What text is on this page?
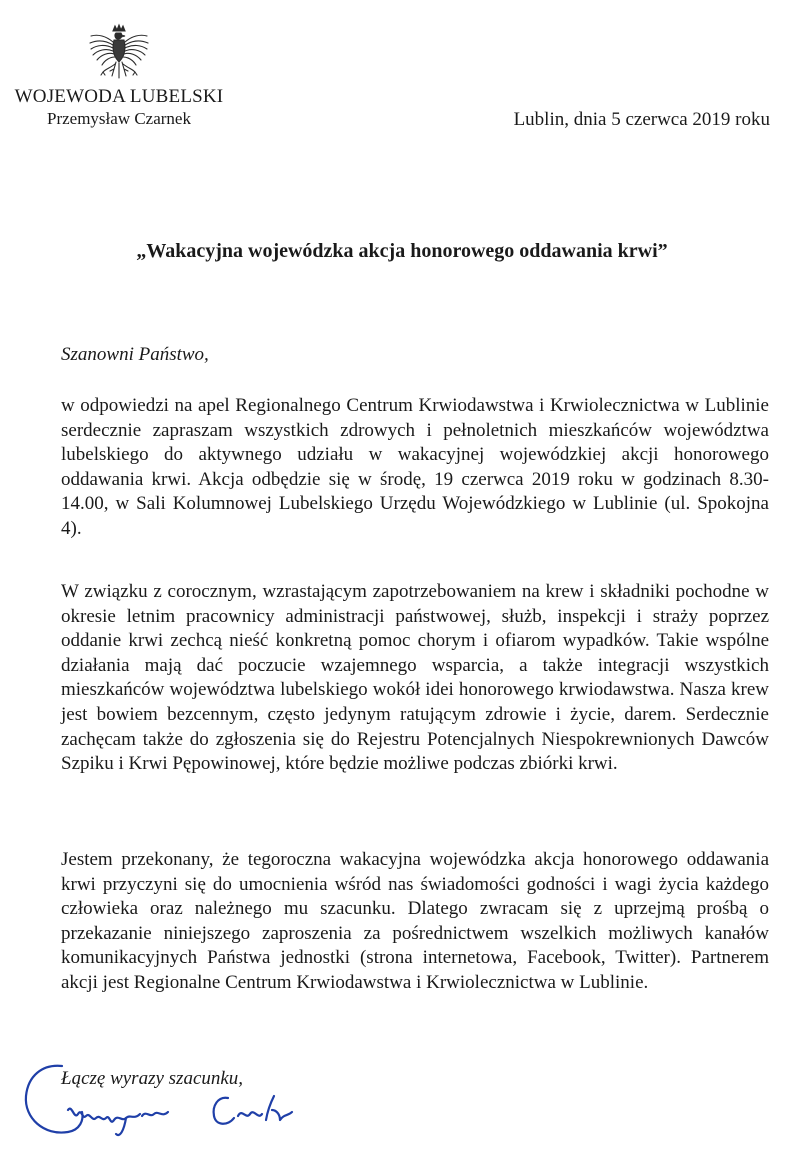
WOJEWODA LUBELSKI
Przemysław Czarnek	Lublin, dnia 5 czerwca 2019 roku
„Wakacyjna wojewódzka akcja honorowego oddawania krwi”
Szanowni Państwo,
w odpowiedzi na apel Regionalnego Centrum Krwiodawstwa i Krwiolecznictwa w Lublinie serdecznie zapraszam wszystkich zdrowych i pełnoletnich mieszkańców województwa lubelskiego do aktywnego udziału w wakacyjnej wojewódzkiej akcji honorowego oddawania krwi. Akcja odbędzie się w środę, 19 czerwca 2019 roku w godzinach 8.30-14.00, w Sali Kolumnowej Lubelskiego Urzędu Wojewódzkiego w Lublinie (ul. Spokojna 4).
W związku z corocznym, wzrastającym zapotrzebowaniem na krew i składniki pochodne w okresie letnim pracownicy administracji państwowej, służb, inspekcji i straży poprzez oddanie krwi zechcą nieść konkretną pomoc chorym i ofiarom wypadków. Takie wspólne działania mają dać poczucie wzajemnego wsparcia, a także integracji wszystkich mieszkańców województwa lubelskiego wokół idei honorowego krwiodawstwa. Nasza krew jest bowiem bezcennym, często jedynym ratującym zdrowie i życie, darem. Serdecznie zachęcam także do zgłoszenia się do Rejestru Potencjalnych Niespokrewnionych Dawców Szpiku i Krwi Pępowinowej, które będzie możliwe podczas zbiórki krwi.
Jestem przekonany, że tegoroczna wakacyjna wojewódzka akcja honorowego oddawania krwi przyczyni się do umocnienia wśród nas świadomości godności i wagi życia każdego człowieka oraz należnego mu szacunku. Dlatego zwracam się z uprzejmą prośbą o przekazanie niniejszego zaproszenia za pośrednictwem wszelkich możliwych kanałów komunikacyjnych Państwa jednostki (strona internetowa, Facebook, Twitter). Partnerem akcji jest Regionalne Centrum Krwiodawstwa i Krwiolecznictwa w Lublinie.
Łączę wyrazy szacunku,
